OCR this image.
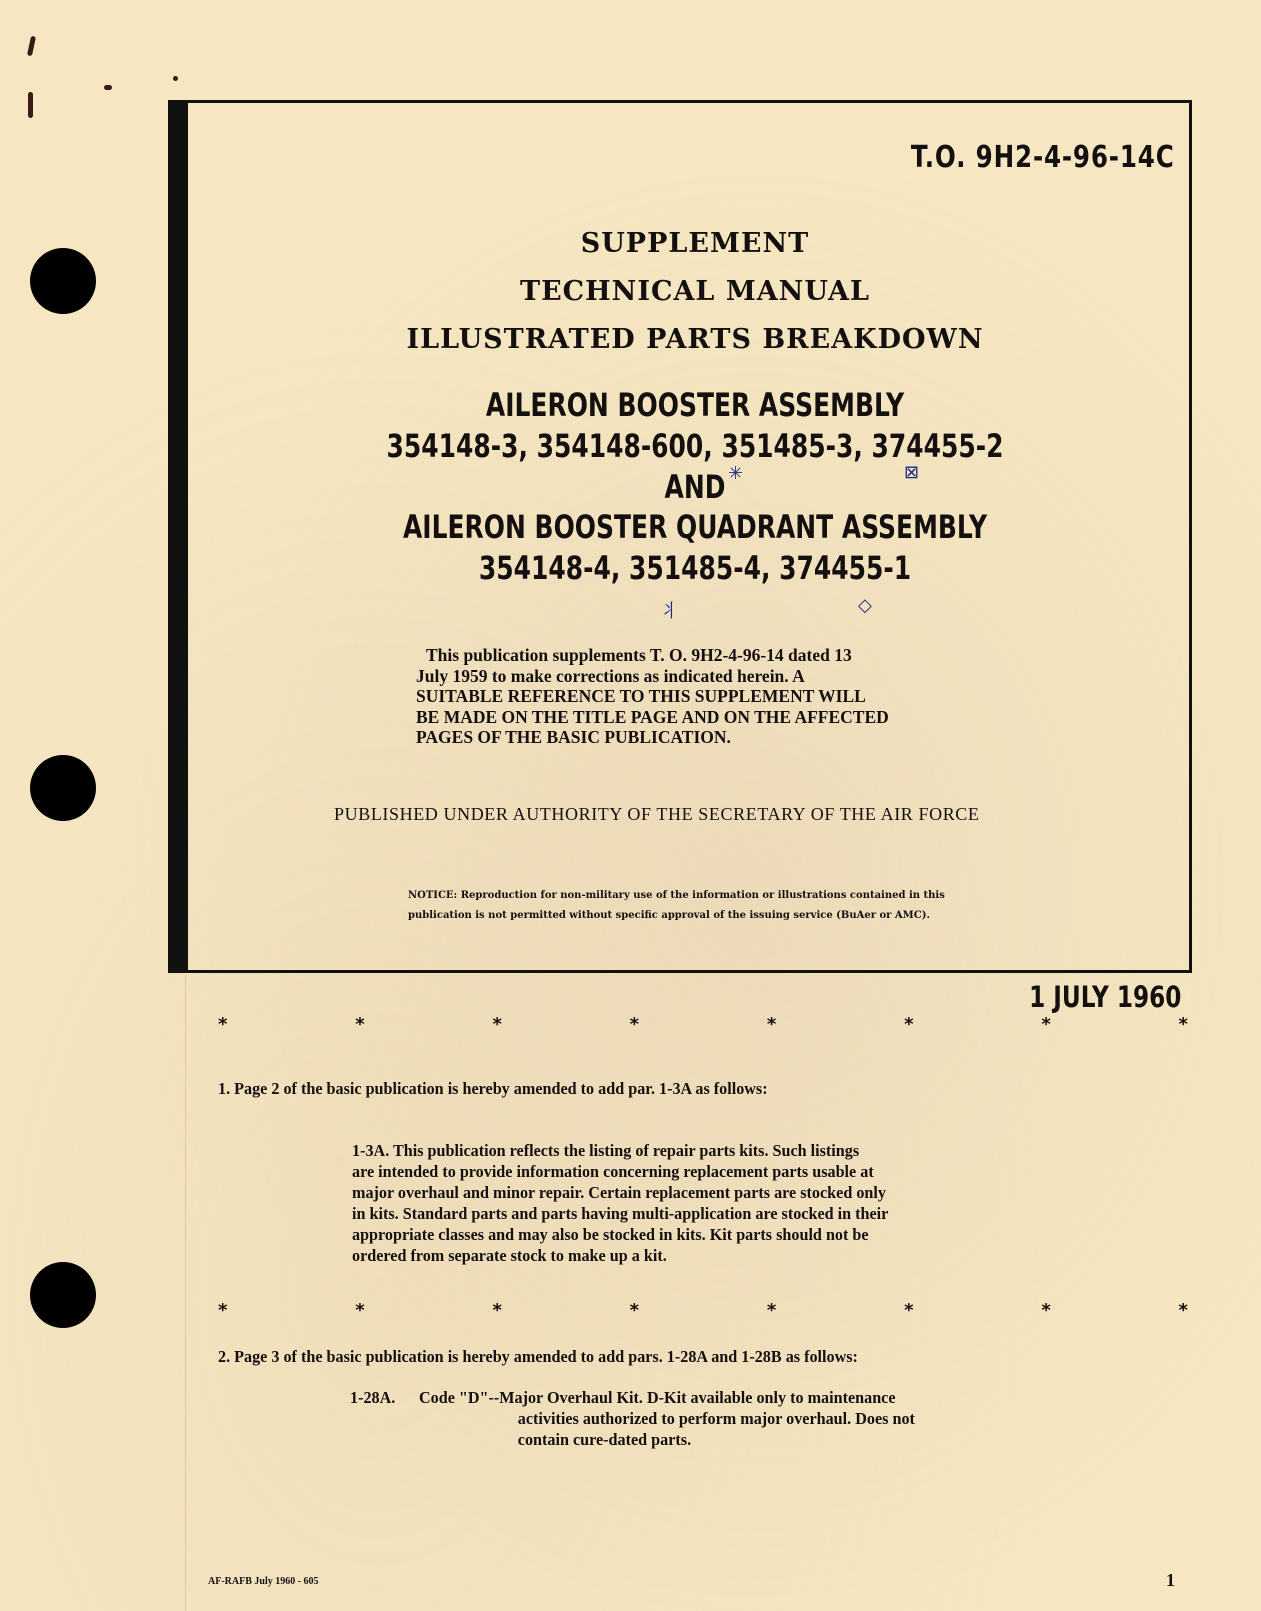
T.O. 9H2-4-96-14C
SUPPLEMENT
TECHNICAL MANUAL
ILLUSTRATED PARTS BREAKDOWN
AILERON BOOSTER ASSEMBLY
354148-3, 354148-600, 351485-3, 374455-2
AND
AILERON BOOSTER QUADRANT ASSEMBLY
354148-4, 351485-4, 374455-1
✳	⊠
⺦	◇
This publication supplements T. O. 9H2-4-96-14 dated 13
July 1959 to make corrections as indicated herein. A
SUITABLE REFERENCE TO THIS SUPPLEMENT WILL
BE MADE ON THE TITLE PAGE AND ON THE AFFECTED
PAGES OF THE BASIC PUBLICATION.
PUBLISHED UNDER AUTHORITY OF THE SECRETARY OF THE AIR FORCE
NOTICE: Reproduction for non-military use of the information or illustrations contained in this
publication is not permitted without specific approval of the issuing service (BuAer or AMC).
1 JULY 1960
*	*	*	*	*	*	*	*
1. Page 2 of the basic publication is hereby amended to add par. 1-3A as follows:
1-3A. This publication reflects the listing of repair parts kits. Such listings
are intended to provide information concerning replacement parts usable at
major overhaul and minor repair. Certain replacement parts are stocked only
in kits. Standard parts and parts having multi-application are stocked in their
appropriate classes and may also be stocked in kits. Kit parts should not be
ordered from separate stock to make up a kit.
*	*	*	*	*	*	*	*
2. Page 3 of the basic publication is hereby amended to add pars. 1-28A and 1-28B as follows:
1-28A. Code "D"--Major Overhaul Kit. D-Kit available only to maintenance
activities authorized to perform major overhaul. Does not
contain cure-dated parts.
AF-RAFB July 1960 - 605	1
